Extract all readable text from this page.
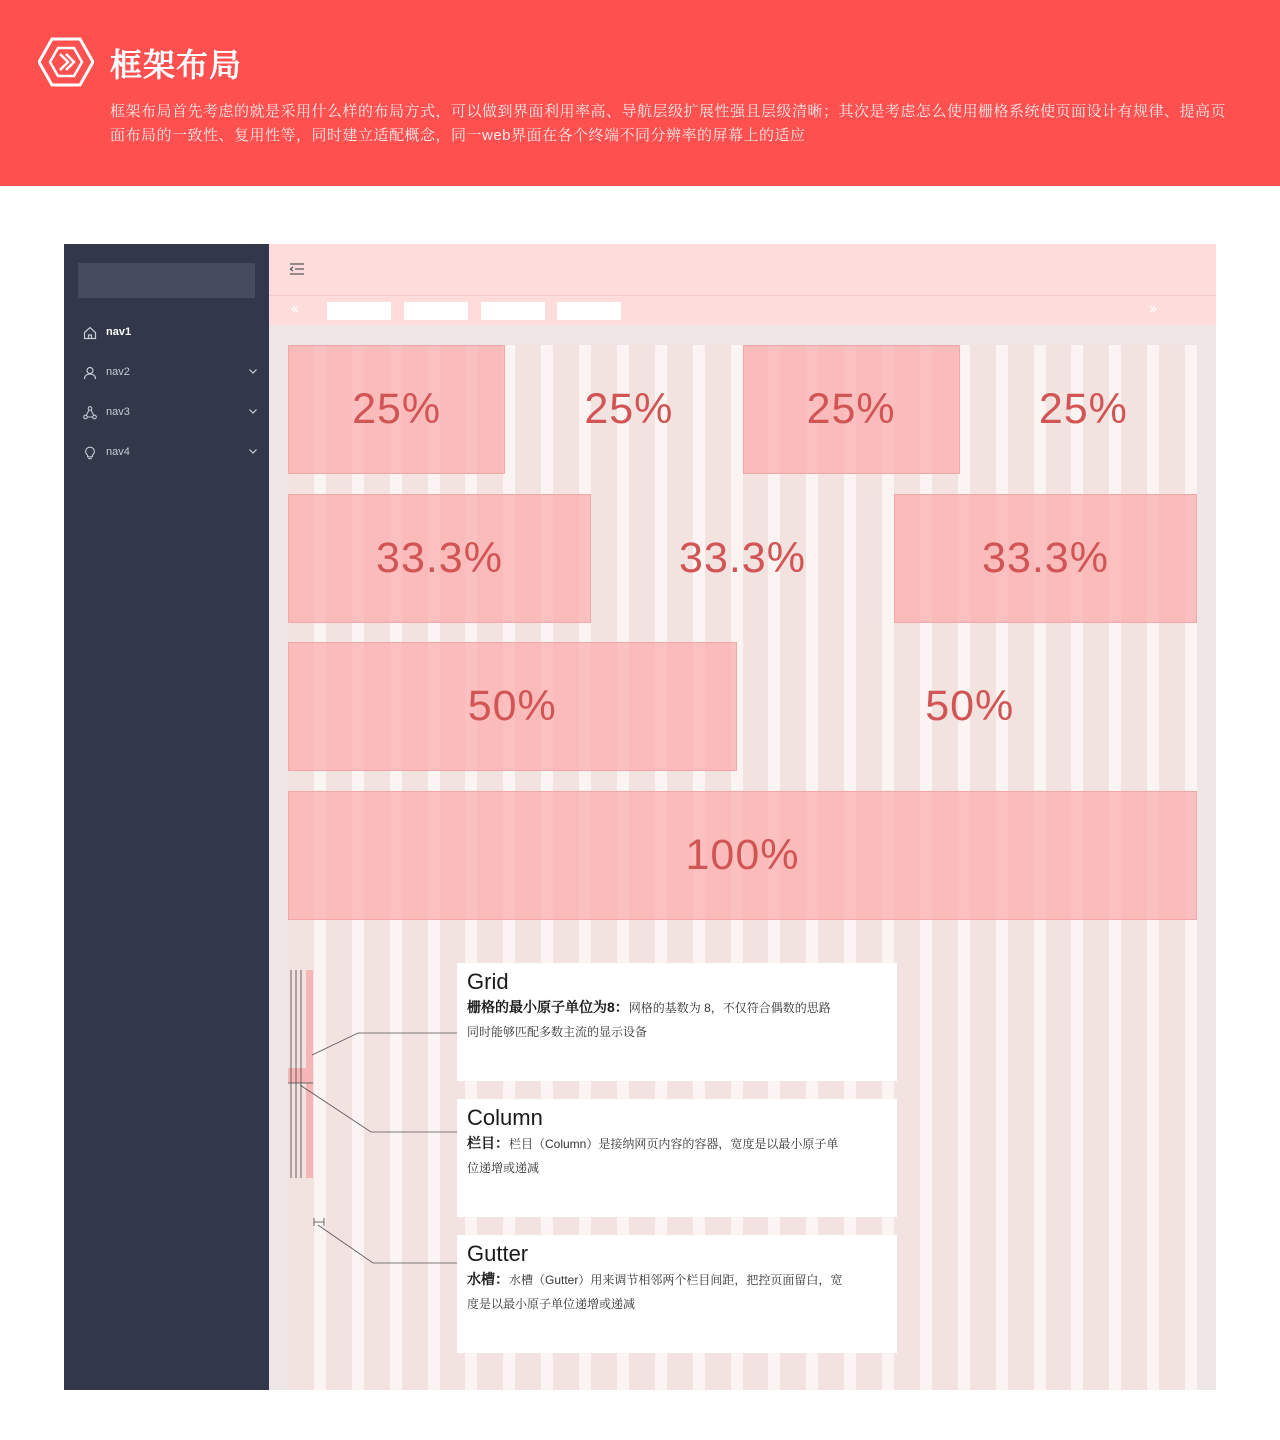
框架布局
框架布局首先考虑的就是采用什么样的布局方式，可以做到界面利用率高、导航层级扩展性强且层级清晰；其次是考虑怎么使用栅格系统使页面设计有规律、提高页面布局的一致性、复用性等，同时建立适配概念，同一web界面在各个终端不同分辨率的屏幕上的适应
nav1
nav2
nav3
nav4
25%	25%	25%	25%
33.3%	33.3%	33.3%
50%	50%
100%
Grid
栅格的最小原子单位为8：网格的基数为 8，不仅符合偶数的思路
同时能够匹配多数主流的显示设备
Column
栏目：栏目（Column）是接纳网页内容的容器，宽度是以最小原子单
位递增或递减
Gutter
水槽：水槽（Gutter）用来调节相邻两个栏目间距，把控页面留白，宽
度是以最小原子单位递增或递减
